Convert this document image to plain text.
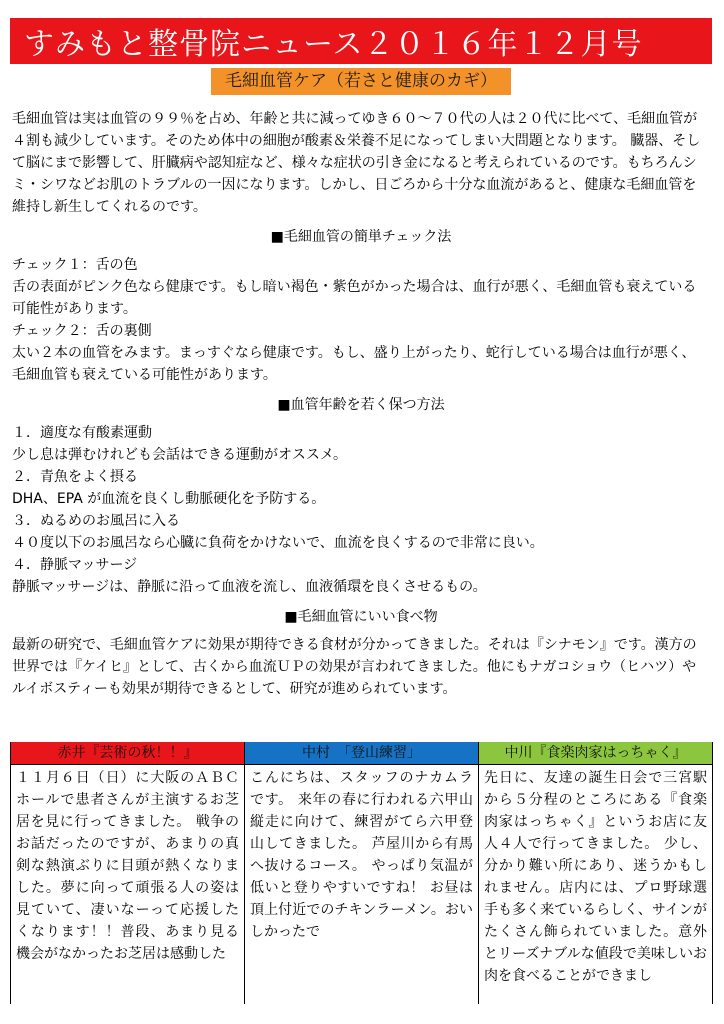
すみもと整骨院ニュース２０１６年１２月号
毛細血管ケア（若さと健康のカギ）

毛細血管は実は血管の９９％を占め、年齢と共に減ってゆき６０〜７０代の人は２０代に比べて、毛細血管が４割も減少しています。そのため体中の細胞が酸素＆栄養不足になってしまい大問題となります。 臓器、そして脳にまで影響して、肝臓病や認知症など、様々な症状の引き金になると考えられているのです。もちろんシミ・シワなどお肌のトラブルの一因になります。しかし、日ごろから十分な血流があると、健康な毛細血管を維持し新生してくれるのです。

■毛細血管の簡単チェック法
チェック１：舌の色
舌の表面がピンク色なら健康です。もし暗い褐色・紫色がかった場合は、血行が悪く、毛細血管も衰えている可能性があります。
チェック２：舌の裏側
太い２本の血管をみます。まっすぐなら健康です。もし、盛り上がったり、蛇行している場合は血行が悪く、毛細血管も衰えている可能性があります。
■血管年齢を若く保つ方法
１．適度な有酸素運動
少し息は弾むけれども会話はできる運動がオススメ。
２．青魚をよく摂る
DHA、EPA が血流を良くし動脈硬化を予防する。
３．ぬるめのお風呂に入る
４０度以下のお風呂なら心臓に負荷をかけないで、血流を良くするので非常に良い。
４．静脈マッサージ
静脈マッサージは、静脈に沿って血液を流し、血液循環を良くさせるもの。
■毛細血管にいい食べ物

最新の研究で、毛細血管ケアに効果が期待できる食材が分かってきました。それは『シナモン』です。漢方の世界では『ケイヒ』として、古くから血流ＵＰの効果が言われてきました。他にもナガコショウ（ヒハツ）やルイボスティーも効果が期待できるとして、研究が進められています。

赤井『芸術の秋！！』
１１月６日（日）に大阪のＡＢＣホールで患者さんが主演するお芝居を見に行ってきました。 戦争のお話だったのですが、あまりの真剣な熱演ぶりに目頭が熱くなりました。夢に向って頑張る人の姿は見ていて、凄いなーって応援したくなります！！普段、あまり見る機会がなかったお芝居は感動した
中村　「登山練習」
こんにちは、スタッフのナカムラです。 来年の春に行われる六甲山縦走に向けて、練習がてら六甲登山してきました。 芦屋川から有馬へ抜けるコース。 やっぱり気温が低いと登りやすいですね！ お昼は頂上付近でのチキンラーメン。おいしかったで
中川『食楽肉家はっちゃく』
先日に、友達の誕生日会で三宮駅から５分程のところにある『食楽肉家はっちゃく』というお店に友人４人で行ってきました。 少し、分かり難い所にあり、迷うかもしれません。店内には、プロ野球選手も多く来ているらしく、サインがたくさん飾られていました。意外とリーズナブルな値段で美味しいお肉を食べることができまし
